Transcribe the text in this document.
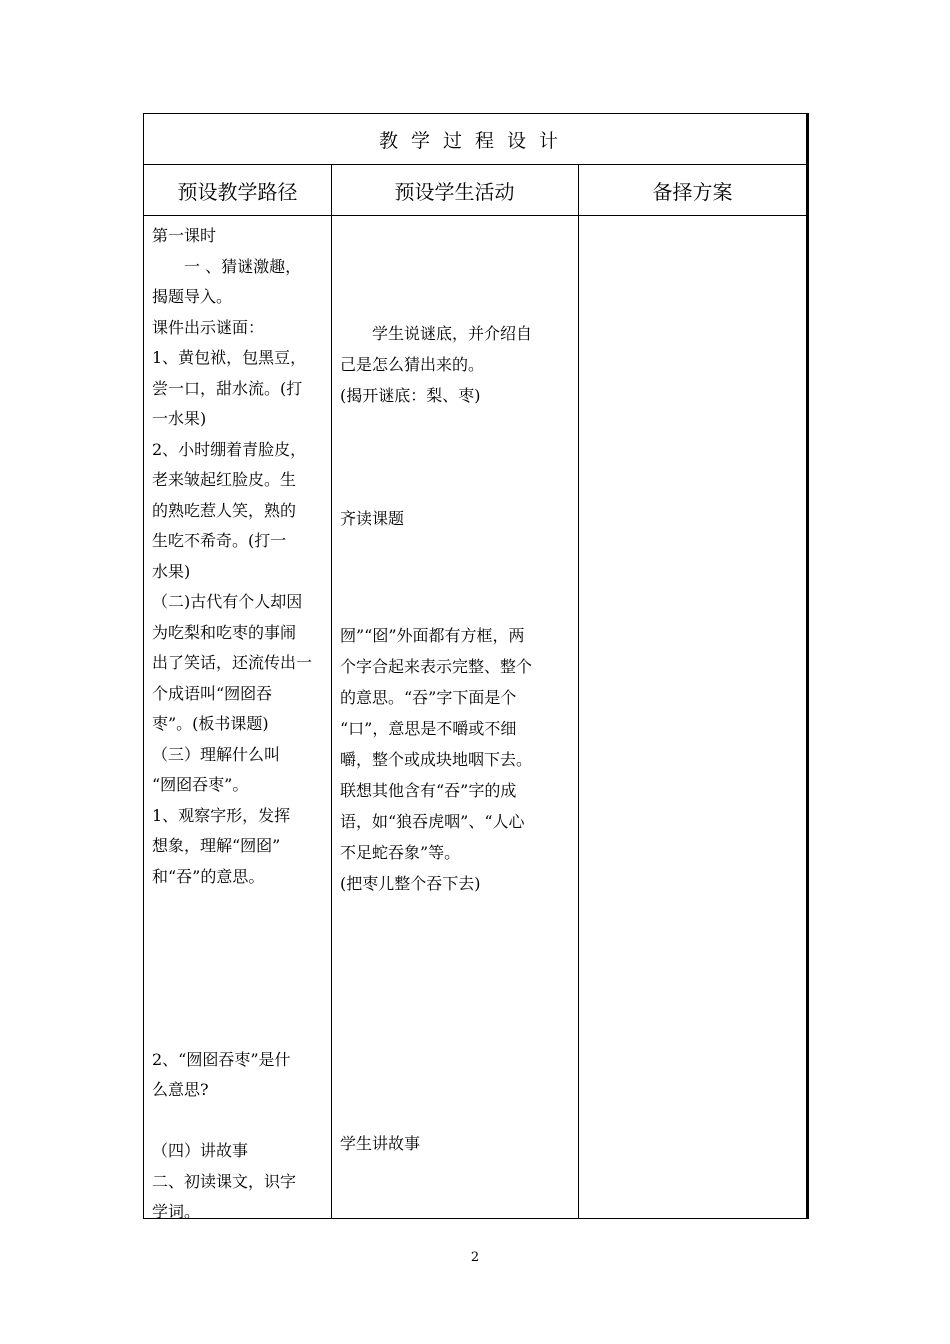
教学过程设计
预设教学路径	预设学生活动	备择方案

第一课时

　　一 、猜谜激趣，

揭题导入。

课件出示谜面：

1、黄包袱，包黑豆，

尝一口，甜水流。(打

一水果)

2、小时绷着青脸皮，

老来皱起红脸皮。生

的熟吃惹人笑，熟的

生吃不希奇。(打一

水果)

（二)古代有个人却因

为吃梨和吃枣的事闹

出了笑话，还流传出一

个成语叫“囫囵吞

枣”。(板书课题)

（三）理解什么叫

“囫囵吞枣”。

1、观察字形，发挥

想象，理解“囫囵”

和“吞”的意思。

2、“囫囵吞枣”是什

么意思?

（四）讲故事

二、初读课文，识字

学词。

学生说谜底，并介绍自

己是怎么猜出来的。

(揭开谜底：梨、枣)

齐读课题

囫”“囵”外面都有方框，两

个字合起来表示完整、整个

的意思。“吞”字下面是个

“口”，意思是不嚼或不细

嚼，整个或成块地咽下去。

联想其他含有“吞”字的成

语，如“狼吞虎咽”、“人心

不足蛇吞象”等。

(把枣儿整个吞下去)

学生讲故事

2
